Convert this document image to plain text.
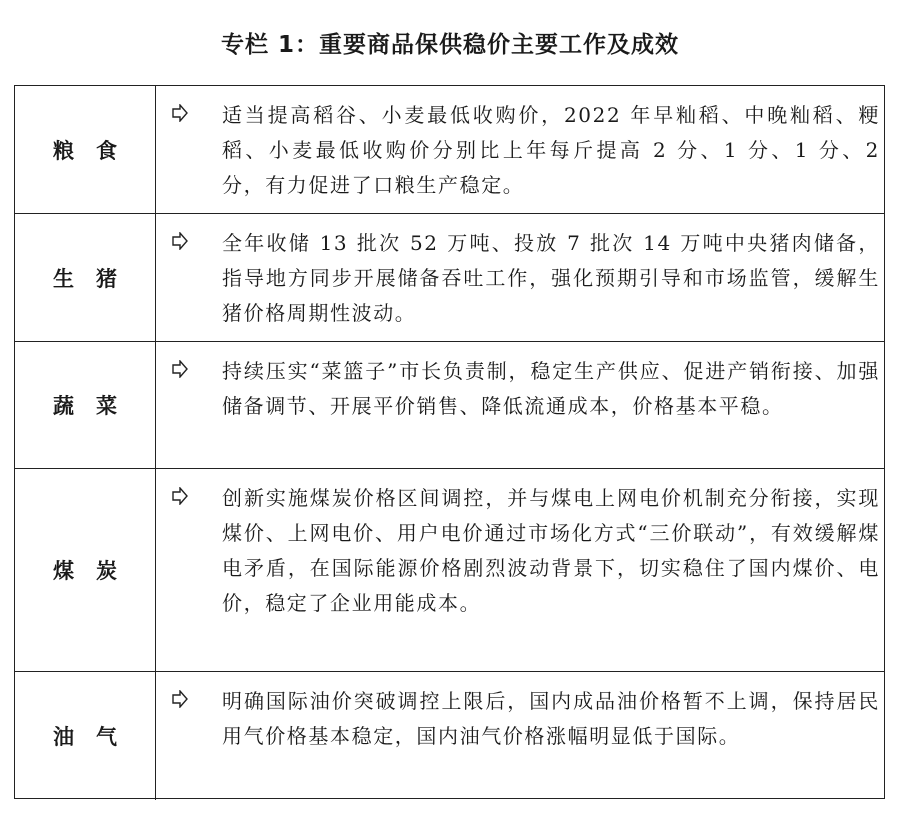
专栏 1：重要商品保供稳价主要工作及成效
粮食
适当提高稻谷、小麦最低收购价，2022 年早籼稻、中晚籼稻、粳稻、小麦最低收购价分别比上年每斤提高 2 分、1 分、1 分、2 分，有力促进了口粮生产稳定。
生猪
全年收储 13 批次 52 万吨、投放 7 批次 14 万吨中央猪肉储备，指导地方同步开展储备吞吐工作，强化预期引导和市场监管，缓解生猪价格周期性波动。
蔬菜
持续压实“菜篮子”市长负责制，稳定生产供应、促进产销衔接、加强储备调节、开展平价销售、降低流通成本，价格基本平稳。
煤炭
创新实施煤炭价格区间调控，并与煤电上网电价机制充分衔接，实现煤价、上网电价、用户电价通过市场化方式“三价联动”，有效缓解煤电矛盾，在国际能源价格剧烈波动背景下，切实稳住了国内煤价、电价，稳定了企业用能成本。
油气
明确国际油价突破调控上限后，国内成品油价格暂不上调，保持居民用气价格基本稳定，国内油气价格涨幅明显低于国际。
